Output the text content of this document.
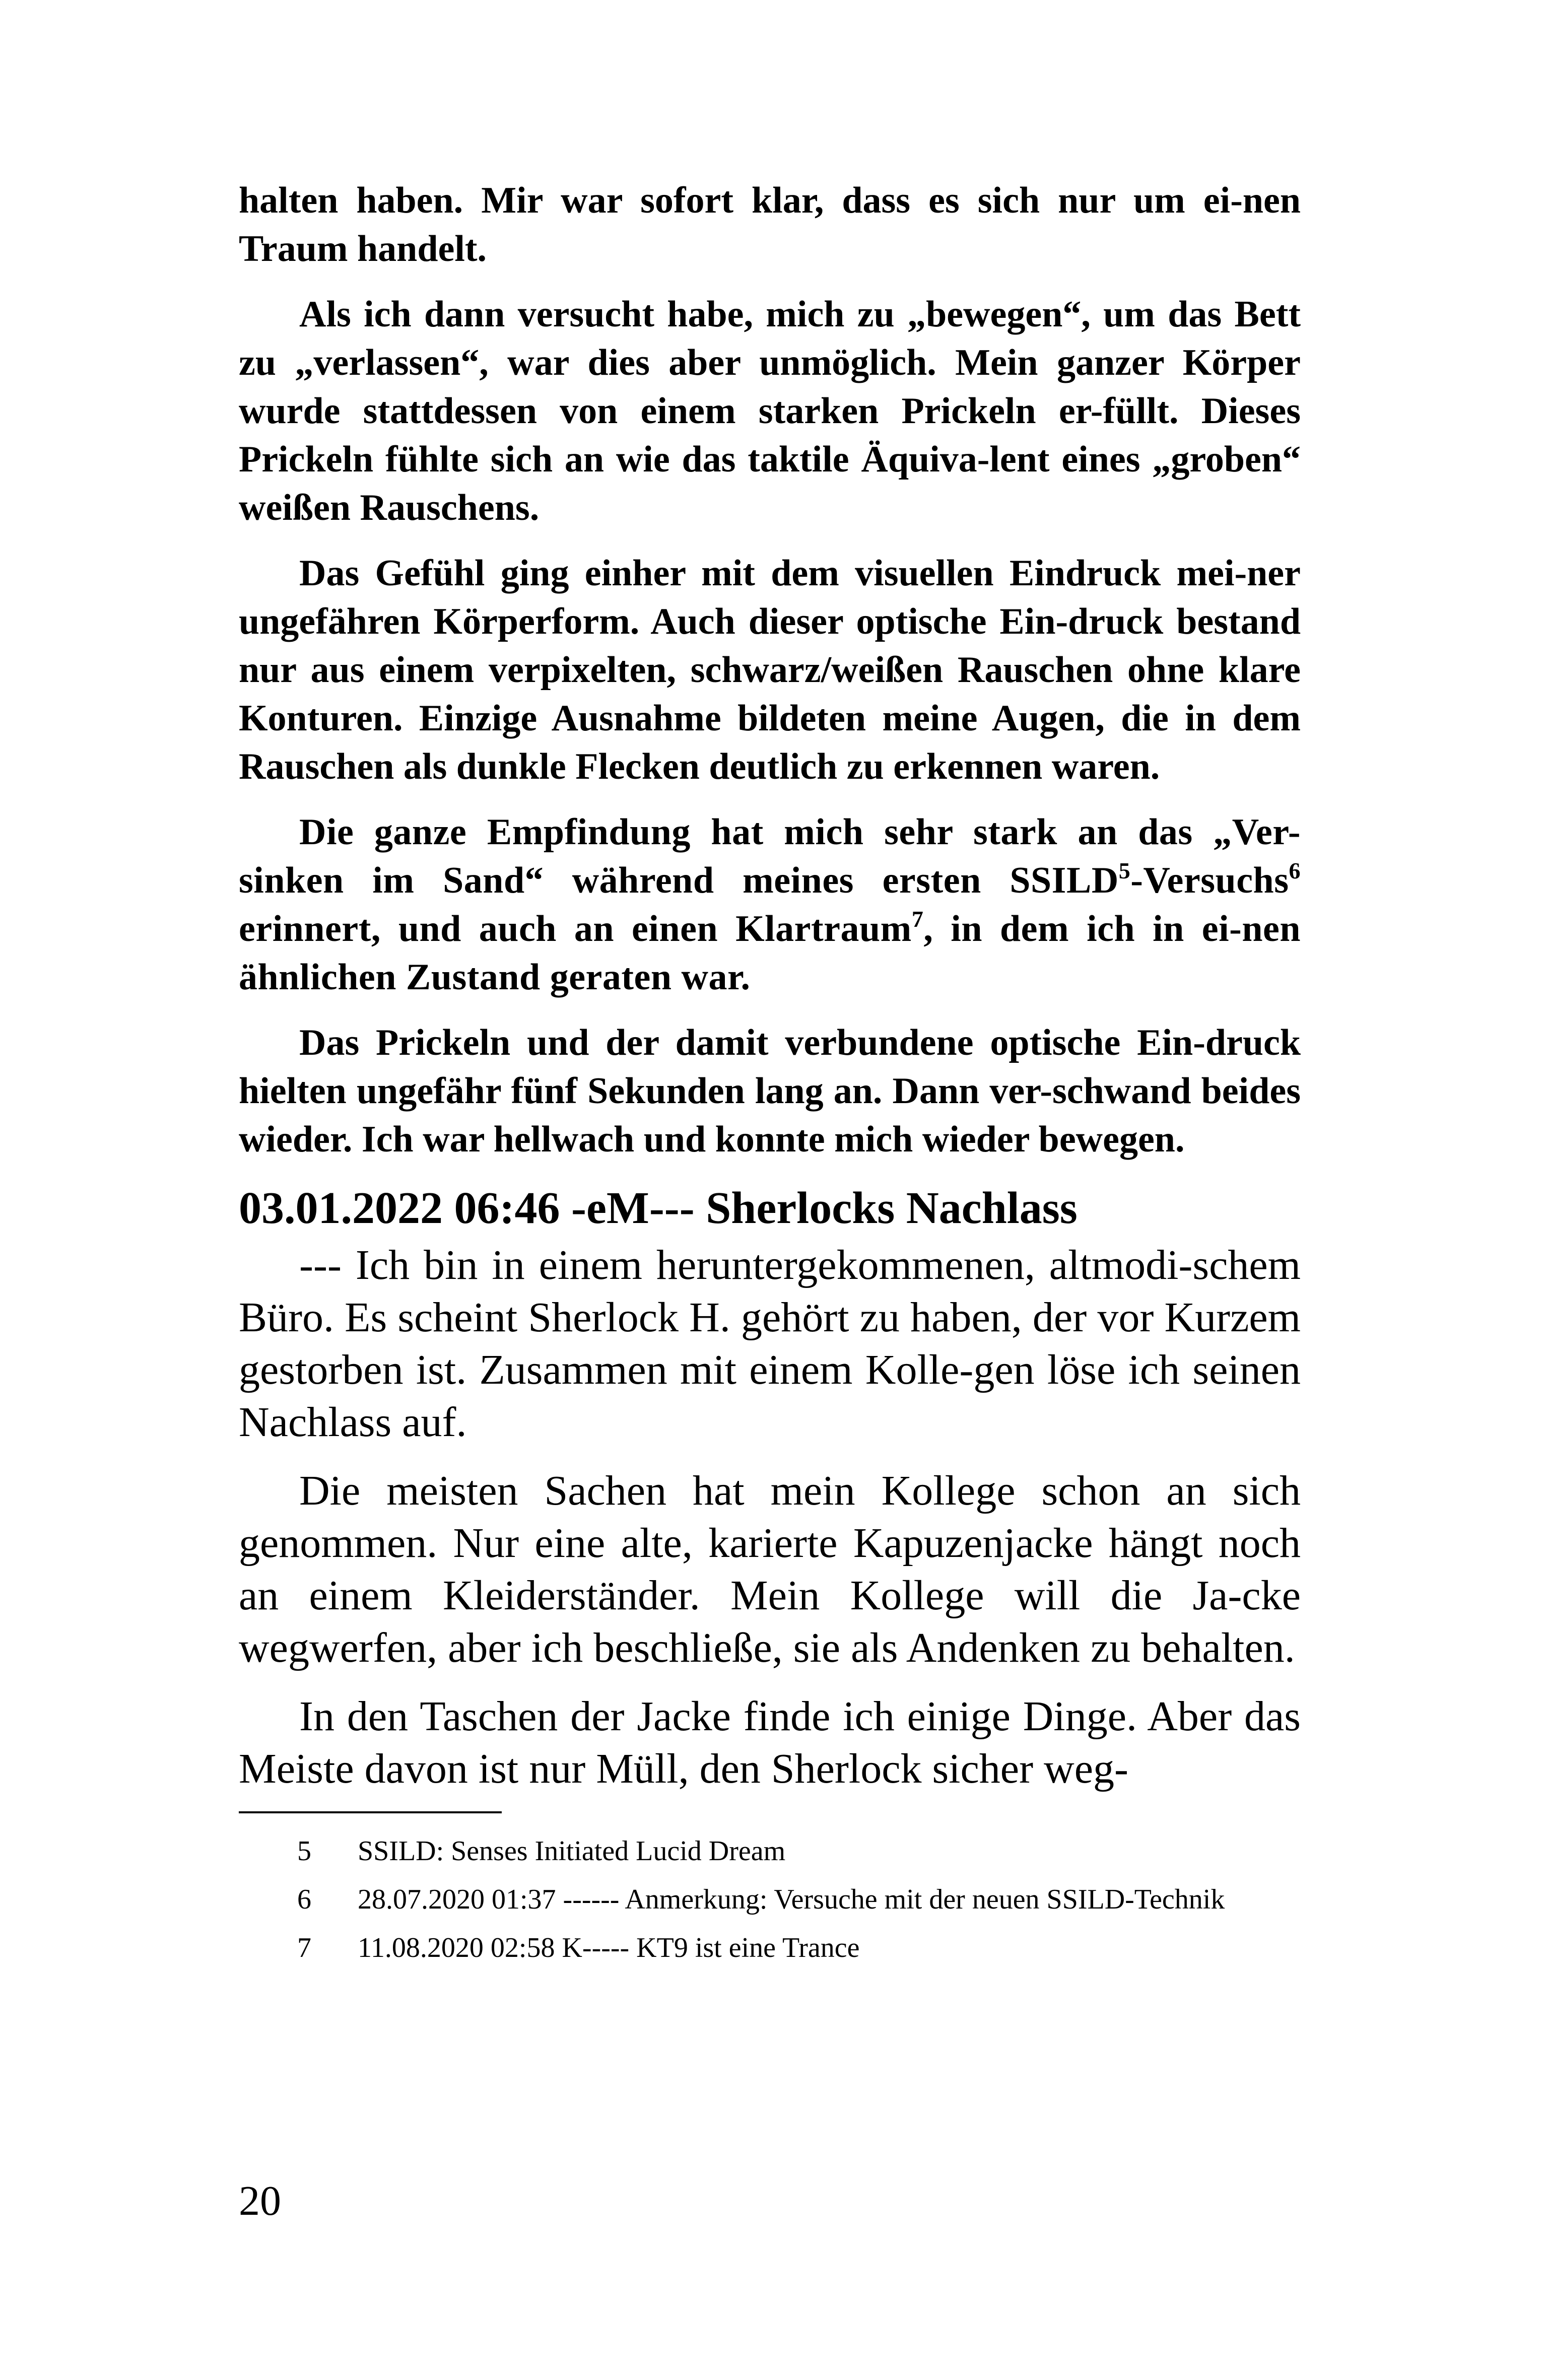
halten haben. Mir war sofort klar, dass es sich nur um ei-nen Traum handelt.

Als ich dann versucht habe, mich zu „bewegen“, um das Bett zu „verlassen“, war dies aber unmöglich. Mein ganzer Körper wurde stattdessen von einem starken Prickeln er-füllt. Dieses Prickeln fühlte sich an wie das taktile Äquiva-lent eines „groben“ weißen Rauschens.

Das Gefühl ging einher mit dem visuellen Eindruck mei-ner ungefähren Körperform. Auch dieser optische Ein-druck bestand nur aus einem verpixelten, schwarz/weißen Rauschen ohne klare Konturen. Einzige Ausnahme bildeten meine Augen, die in dem Rauschen als dunkle Flecken deutlich zu erkennen waren.

Die ganze Empfindung hat mich sehr stark an das „Ver-sinken im Sand“ während meines ersten SSILD$^5$-Versuchs$^6$ erinnert, und auch an einen Klartraum$^7$, in dem ich in ei-nen ähnlichen Zustand geraten war.

Das Prickeln und der damit verbundene optische Ein-druck hielten ungefähr fünf Sekunden lang an. Dann ver-schwand beides wieder. Ich war hellwach und konnte mich wieder bewegen.

03.01.2022 06:46 -eM--- Sherlocks Nachlass

--- Ich bin in einem heruntergekommenen, altmodi-schem Büro. Es scheint Sherlock H. gehört zu haben, der vor Kurzem gestorben ist. Zusammen mit einem Kolle-gen löse ich seinen Nachlass auf.

Die meisten Sachen hat mein Kollege schon an sich genommen. Nur eine alte, karierte Kapuzenjacke hängt noch an einem Kleiderständer. Mein Kollege will die Ja-cke wegwerfen, aber ich beschließe, sie als Andenken zu behalten.

In den Taschen der Jacke finde ich einige Dinge. Aber das Meiste davon ist nur Müll, den Sherlock sicher weg-

5	SSILD: Senses Initiated Lucid Dream
6	28.07.2020 01:37 ------ Anmerkung: Versuche mit der neuen SSILD-Technik
7	11.08.2020 02:58 K----- KT9 ist eine Trance
20
